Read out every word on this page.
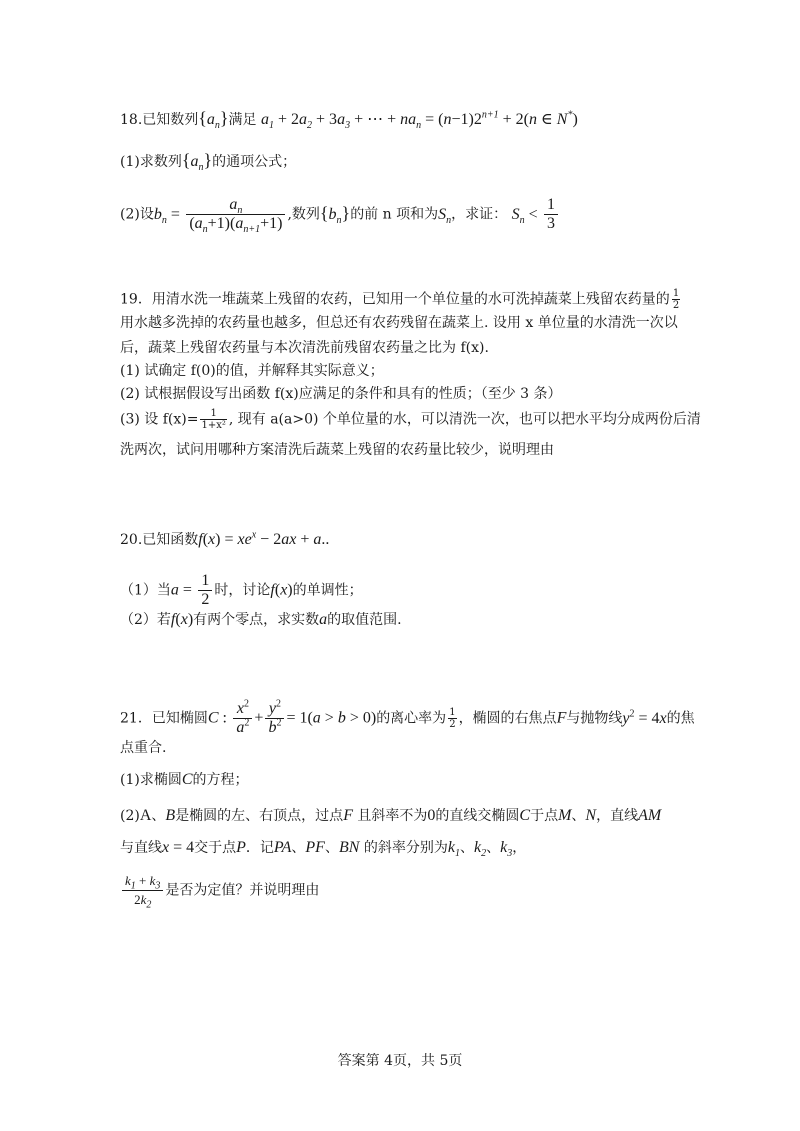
18.已知数列$\{a_n\}$满足 $a_1 + 2a_2 + 3a_3$ + ⋯ + $na_n = (n-1)2^{n+1} + 2(n$ ∈ N*)
(1)求数列$\{a_n\}$的通项公式；
(2)设$b_n = \frac{a_n}{(a_n+1)(a_{n+1}+1)}$ ,数列$\{b_n\}$的前 n 项和为$S_n$，求证： $S_n < \frac{1}{3}$
19．用清水洗一堆蔬菜上残留的农药，已知用一个单位量的水可洗掉蔬菜上残留农药量的 $\frac{1}{2}$
用水越多洗掉的农药量也越多，但总还有农药残留在蔬菜上. 设用 x 单位量的水清洗一次以
后，蔬菜上残留农药量与本次清洗前残留农药量之比为 f(x).
(1) 试确定 f(0)的值，并解释其实际意义；
(2) 试根据假设写出函数 f(x)应满足的条件和具有的性质；（至少 3 条）
(3) 设 $f(x)= \frac{1}{\text{1+x²}}$ , 现有 a(a>0) 个单位量的水，可以清洗一次，也可以把水平均分成两份后清
洗两次，试问用哪种方案清洗后蔬菜上残留的农药量比较少，说明理由
20.已知函数$f(x) = xe^x - 2ax + a$..
（1）当$a = \frac{1}{2}$ 时，讨论f(x)的单调性；
（2）若f(x)有两个零点，求实数a的取值范围.
21．已知椭圆C : $\frac{x^2}{a^2} + \frac{y^2}{b^2} = 1(a > b > 0)$的离心率为 $\frac{1}{2}$ ，椭圆的右焦点F与抛物线$y^2 = 4x$的焦
点重合.
(1)求椭圆C的方程；
(2)A、B是椭圆的左、右顶点，过点F 且斜率不为0的直线交椭圆C于点M、N，直线AM
与直线x = 4交于点P．记PA、PF、BN 的斜率分别为$k_1$、$k_2$、$k_3$，
$\frac{k_1 + k_3}{2k_2}$ 是否为定值？并说明理由
答案第 4页，共 5页
